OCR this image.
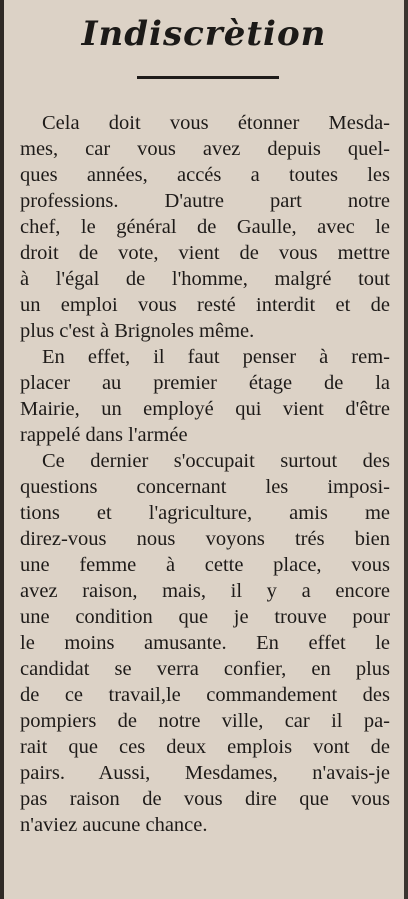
Indiscrètion
Cela doit vous étonner Mesda-
mes, car vous avez depuis quel-
ques années, accés a toutes les
professions. D'autre part notre
chef, le général de Gaulle, avec le
droit de vote, vient de vous mettre
à l'égal de l'homme, malgré tout
un emploi vous resté interdit et de
plus c'est à Brignoles même.
En effet, il faut penser à rem-
placer au premier étage de la
Mairie, un employé qui vient d'être
rappelé dans l'armée
Ce dernier s'occupait surtout des
questions concernant les imposi-
tions et l'agriculture, amis me
direz-vous nous voyons trés bien
une femme à cette place, vous
avez raison, mais, il y a encore
une condition que je trouve pour
le moins amusante. En effet le
candidat se verra confier, en plus
de ce travail,le commandement des
pompiers de notre ville, car il pa-
rait que ces deux emplois vont de
pairs. Aussi, Mesdames, n'avais-je
pas raison de vous dire que vous
n'aviez aucune chance.
